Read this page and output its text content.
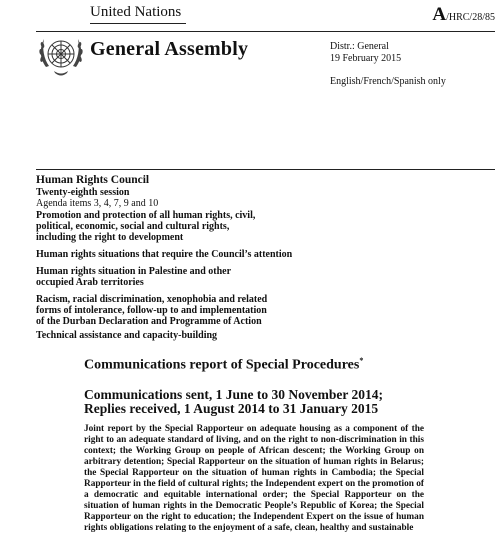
United Nations	A/HRC/28/85
General Assembly	Distr.: General
19 February 2015
English/French/Spanish only
Human Rights Council
Twenty-eighth session
Agenda items 3, 4, 7, 9 and 10
Promotion and protection of all human rights, civil, political, economic, social and cultural rights, including the right to development
Human rights situations that require the Council’s attention
Human rights situation in Palestine and other occupied Arab territories
Racism, racial discrimination, xenophobia and related forms of intolerance, follow-up to and implementation of the Durban Declaration and Programme of Action
Technical assistance and capacity-building
Communications report of Special Procedures*
Communications sent, 1 June to 30 November 2014;
Replies received, 1 August 2014 to 31 January 2015
Joint report by the Special Rapporteur on adequate housing as a component of the right to an adequate standard of living, and on the right to non-discrimination in this context; the Working Group on people of African descent; the Working Group on arbitrary detention; Special Rapporteur on the situation of human rights in Belarus; the Special Rapporteur on the situation of human rights in Cambodia; the Special Rapporteur in the field of cultural rights; the Independent expert on the promotion of a democratic and equitable international order; the Special Rapporteur on the situation of human rights in the Democratic People’s Republic of Korea; the Special Rapporteur on the right to education; the Independent Expert on the issue of human rights obligations relating to the enjoyment of a safe, clean, healthy and sustainable
